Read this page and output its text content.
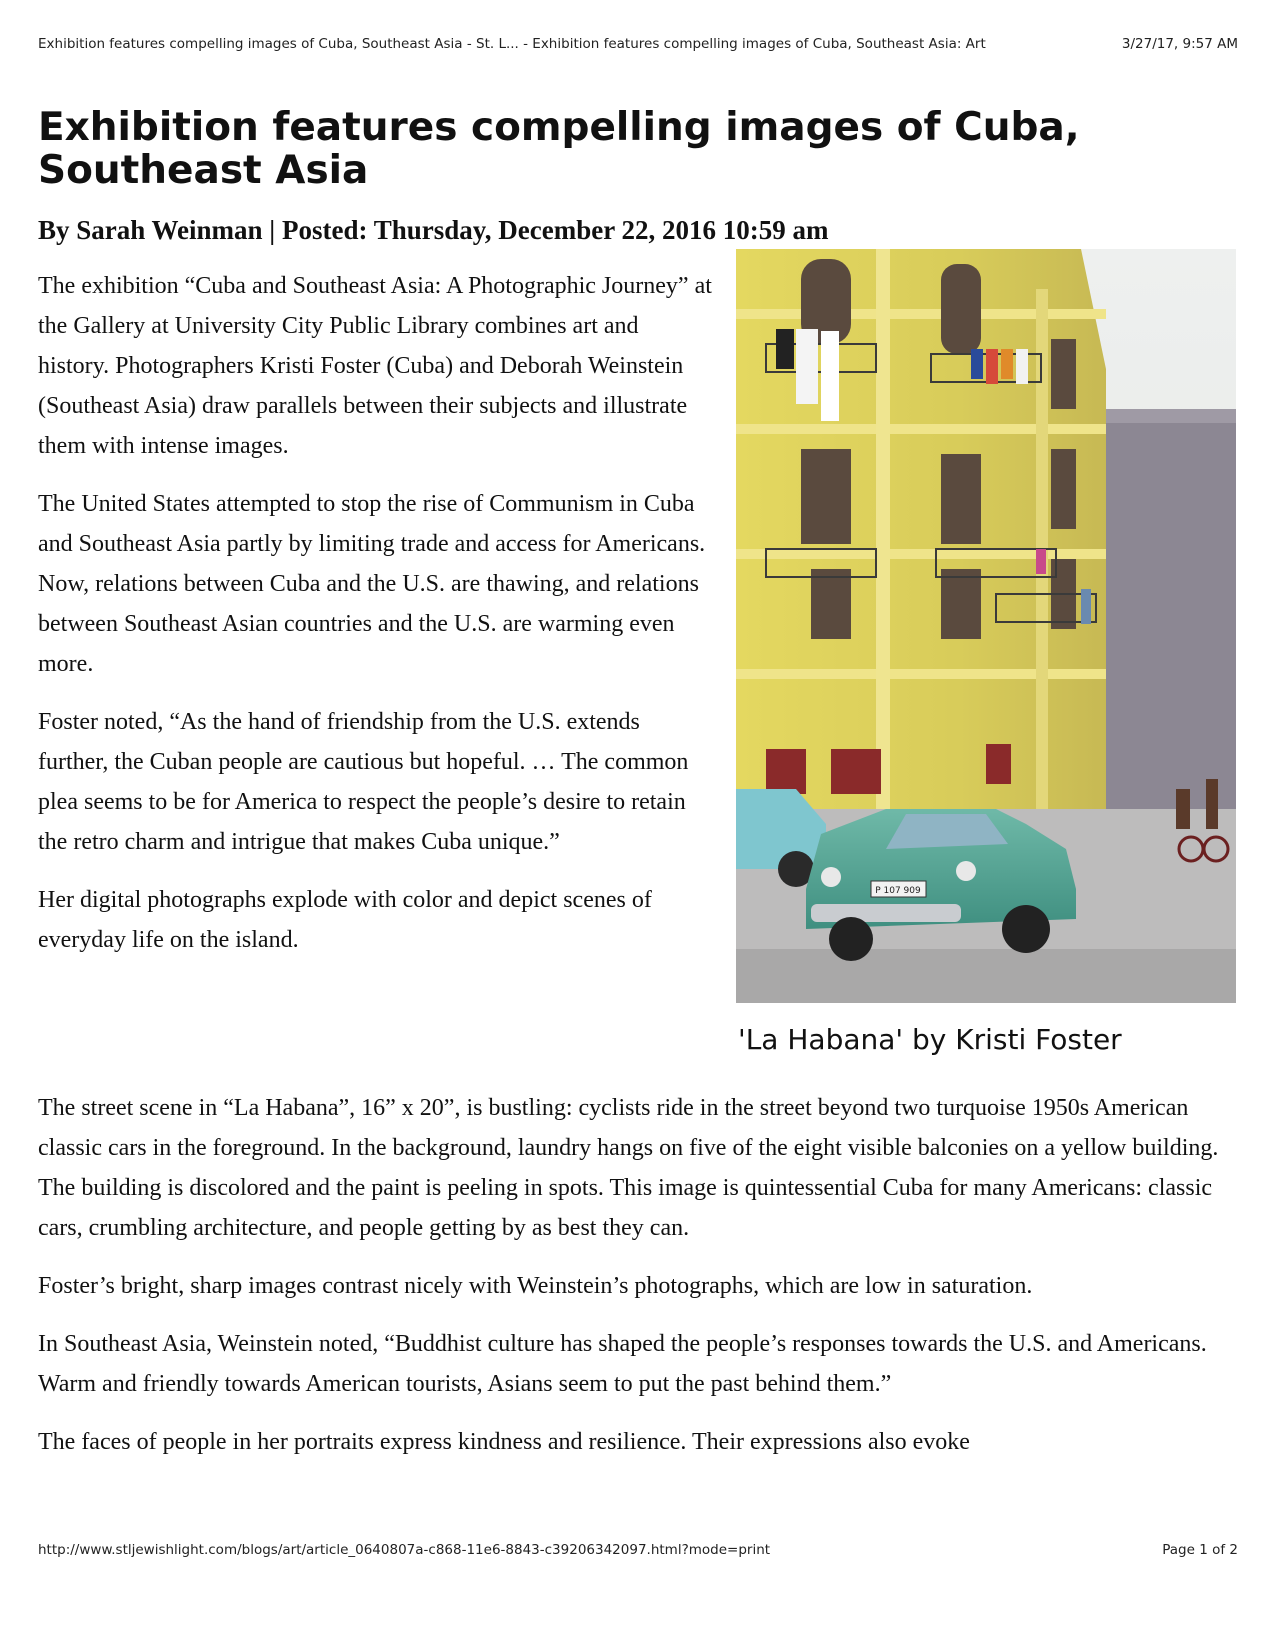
Exhibition features compelling images of Cuba, Southeast Asia - St. L... - Exhibition features compelling images of Cuba, Southeast Asia: Art	3/27/17, 9:57 AM
Exhibition features compelling images of Cuba, Southeast Asia

By Sarah Weinman | Posted: Thursday, December 22, 2016 10:59 am

The exhibition “Cuba and Southeast Asia: A Photographic Journey” at the Gallery at University City Public Library combines art and history. Photographers Kristi Foster (Cuba) and Deborah Weinstein (Southeast Asia) draw parallels between their subjects and illustrate them with intense images.

The United States attempted to stop the rise of Communism in Cuba and Southeast Asia partly by limiting trade and access for Americans. Now, relations between Cuba and the U.S. are thawing, and relations between Southeast Asian countries and the U.S. are warming even more.

Foster noted, “As the hand of friendship from the U.S. extends further, the Cuban people are cautious but hopeful. … The common plea seems to be for America to respect the people’s desire to retain the retro charm and intrigue that makes Cuba unique.”

Her digital photographs explode with color and depict scenes of everyday life on the island.

P 107 909
'La Habana' by Kristi Foster

The street scene in “La Habana”, 16” x 20”, is bustling: cyclists ride in the street beyond two turquoise 1950s American classic cars in the foreground. In the background, laundry hangs on five of the eight visible balconies on a yellow building. The building is discolored and the paint is peeling in spots. This image is quintessential Cuba for many Americans: classic cars, crumbling architecture, and people getting by as best they can.

Foster’s bright, sharp images contrast nicely with Weinstein’s photographs, which are low in saturation.

In Southeast Asia, Weinstein noted, “Buddhist culture has shaped the people’s responses towards the U.S. and Americans. Warm and friendly towards American tourists, Asians seem to put the past behind them.”

The faces of people in her portraits express kindness and resilience. Their expressions also evoke

http://www.stljewishlight.com/blogs/art/article_0640807a-c868-11e6-8843-c39206342097.html?mode=print	Page 1 of 2
